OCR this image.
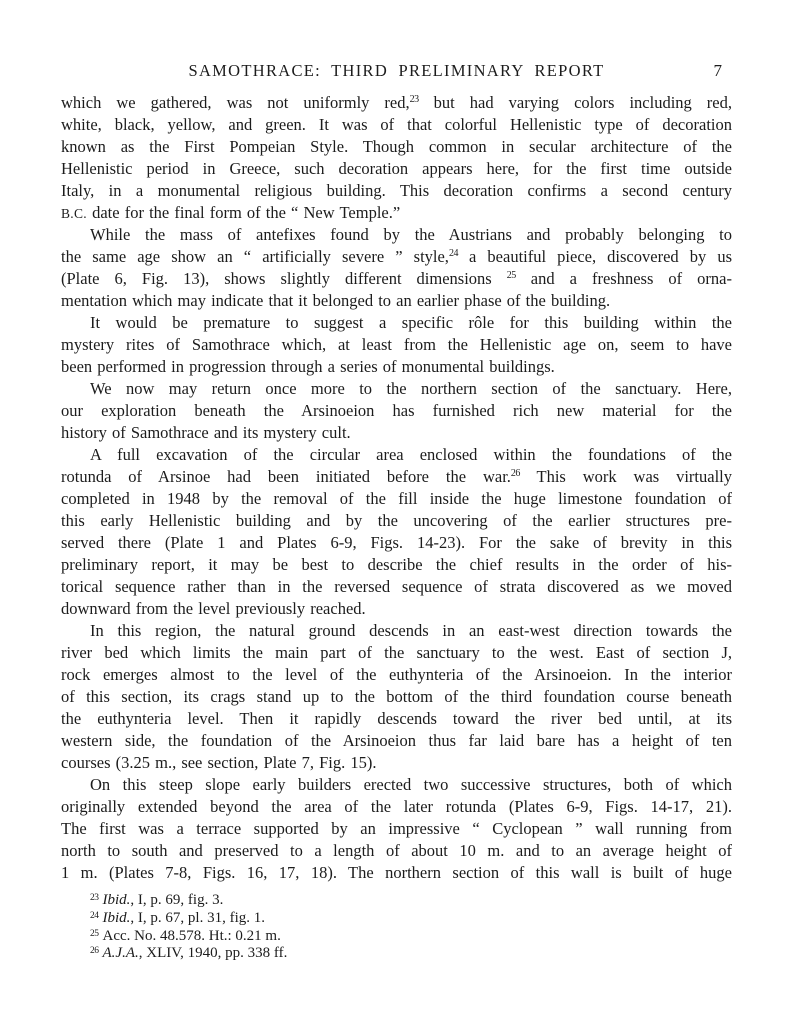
SAMOTHRACE: THIRD PRELIMINARY REPORT	7
which we gathered, was not uniformly red,$^{23}$ but had varying colors including red,
white, black, yellow, and green. It was of that colorful Hellenistic type of decoration
known as the First Pompeian Style. Though common in secular architecture of the
Hellenistic period in Greece, such decoration appears here, for the first time outside
Italy, in a monumental religious building. This decoration confirms a second century
B.C. date for the final form of the “ New Temple.”
While the mass of antefixes found by the Austrians and probably belonging to
the same age show an “ artificially severe ” style,$^{24}$ a beautiful piece, discovered by us
(Plate 6, Fig. 13), shows slightly different dimensions $^{25}$ and a freshness of orna-
mentation which may indicate that it belonged to an earlier phase of the building.
It would be premature to suggest a specific rôle for this building within the
mystery rites of Samothrace which, at least from the Hellenistic age on, seem to have
been performed in progression through a series of monumental buildings.
We now may return once more to the northern section of the sanctuary. Here,
our exploration beneath the Arsinoeion has furnished rich new material for the
history of Samothrace and its mystery cult.
A full excavation of the circular area enclosed within the foundations of the
rotunda of Arsinoe had been initiated before the war.$^{26}$ This work was virtually
completed in 1948 by the removal of the fill inside the huge limestone foundation of
this early Hellenistic building and by the uncovering of the earlier structures pre-
served there (Plate 1 and Plates 6-9, Figs. 14-23). For the sake of brevity in this
preliminary report, it may be best to describe the chief results in the order of his-
torical sequence rather than in the reversed sequence of strata discovered as we moved
downward from the level previously reached.
In this region, the natural ground descends in an east-west direction towards the
river bed which limits the main part of the sanctuary to the west. East of section J,
rock emerges almost to the level of the euthynteria of the Arsinoeion. In the interior
of this section, its crags stand up to the bottom of the third foundation course beneath
the euthynteria level. Then it rapidly descends toward the river bed until, at its
western side, the foundation of the Arsinoeion thus far laid bare has a height of ten
courses (3.25 m., see section, Plate 7, Fig. 15).
On this steep slope early builders erected two successive structures, both of which
originally extended beyond the area of the later rotunda (Plates 6-9, Figs. 14-17, 21).
The first was a terrace supported by an impressive “ Cyclopean ” wall running from
north to south and preserved to a length of about 10 m. and to an average height of
1 m. (Plates 7-8, Figs. 16, 17, 18). The northern section of this wall is built of huge
$^{23}$ Ibid., I, p. 69, fig. 3.
$^{24}$ Ibid., I, p. 67, pl. 31, fig. 1.
$^{25}$ Acc. No. 48.578. Ht.: 0.21 m.
$^{26}$ A.J.A., XLIV, 1940, pp. 338 ff.
